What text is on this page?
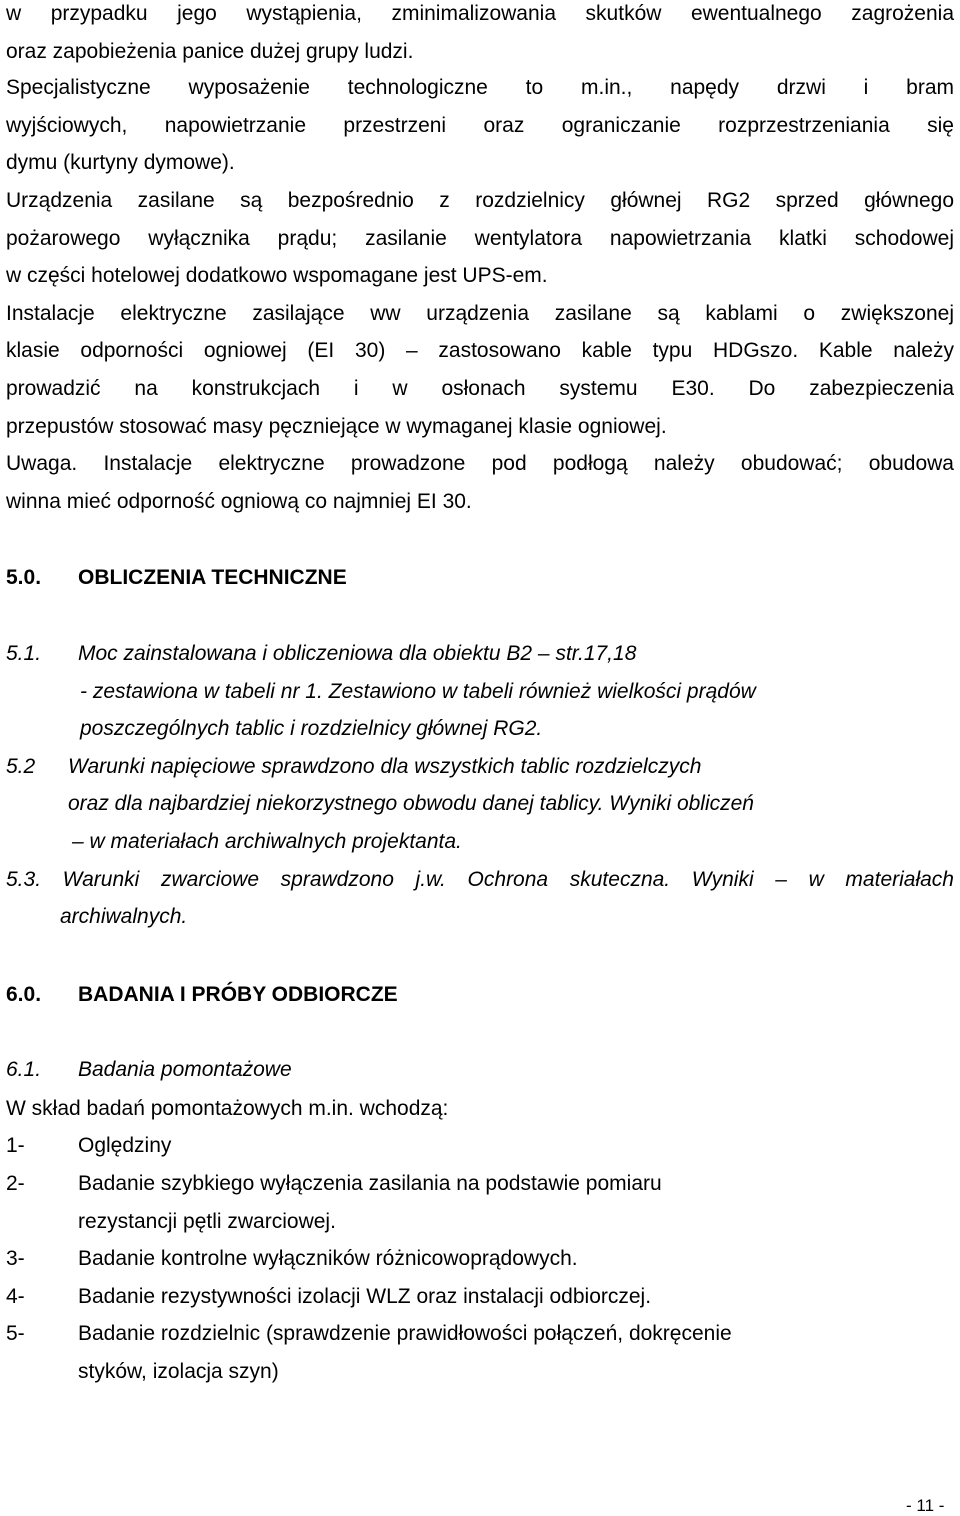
w przypadku jego wystąpienia, zminimalizowania skutków ewentualnego zagrożenia
oraz zapobieżenia panice dużej grupy ludzi.
Specjalistyczne wyposażenie technologiczne to m.in., napędy drzwi i bram
wyjściowych, napowietrzanie przestrzeni oraz ograniczanie rozprzestrzeniania się
dymu (kurtyny dymowe).
Urządzenia zasilane są bezpośrednio z rozdzielnicy głównej RG2 sprzed głównego
pożarowego wyłącznika prądu; zasilanie wentylatora napowietrzania klatki schodowej
w części hotelowej dodatkowo wspomagane jest UPS-em.
Instalacje elektryczne zasilające ww urządzenia zasilane są kablami o zwiększonej
klasie odporności ogniowej (EI 30) – zastosowano kable typu HDGszo. Kable należy
prowadzić na konstrukcjach i w osłonach systemu E30. Do zabezpieczenia
przepustów stosować masy pęczniejące w wymaganej klasie ogniowej.
Uwaga. Instalacje elektryczne prowadzone pod podłogą należy obudować; obudowa
winna mieć odporność ogniową co najmniej EI 30.
5.0. OBLICZENIA TECHNICZNE
5.1. Moc zainstalowana i obliczeniowa dla obiektu B2 – str.17,18
- zestawiona w tabeli nr 1. Zestawiono w tabeli również wielkości prądów
poszczególnych tablic i rozdzielnicy głównej RG2.
5.2 Warunki napięciowe sprawdzono dla wszystkich tablic rozdzielczych
oraz dla najbardziej niekorzystnego obwodu danej tablicy. Wyniki obliczeń
– w materiałach archiwalnych projektanta.
5.3. Warunki zwarciowe sprawdzono j.w. Ochrona skuteczna. Wyniki – w materiałach
archiwalnych.
6.0. BADANIA I PRÓBY ODBIORCZE
6.1. Badania pomontażowe
W skład badań pomontażowych m.in. wchodzą:
1-	Oględziny
2-	Badanie szybkiego wyłączenia zasilania na podstawie pomiaru
rezystancji pętli zwarciowej.
3-	Badanie kontrolne wyłączników różnicowoprądowych.
4-	Badanie rezystywności izolacji WLZ oraz instalacji odbiorczej.
5-	Badanie rozdzielnic (sprawdzenie prawidłowości połączeń, dokręcenie
styków, izolacja szyn)
- 11 -
